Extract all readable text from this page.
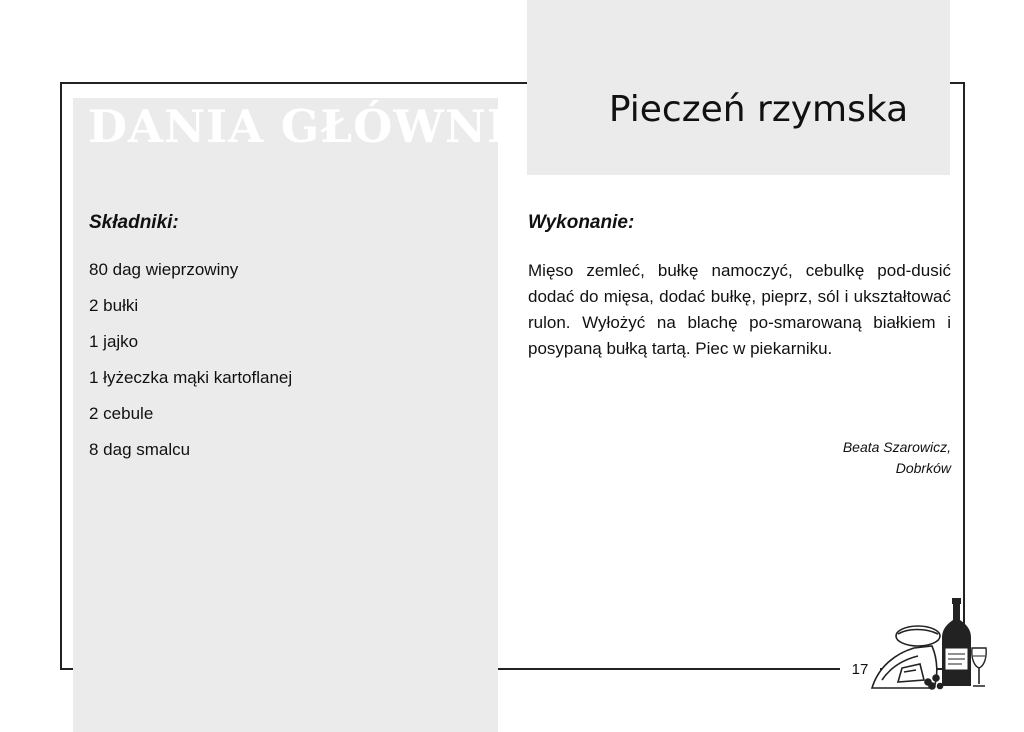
DANIA GŁÓWNE	Pieczeń rzymska
Składniki:
80 dag wieprzowiny
2 bułki
1 jajko
1 łyżeczka mąki kartoflanej
2 cebule
8 dag smalcu
Wykonanie:

Mięso zemleć, bułkę namoczyć, cebulkę pod-dusić dodać do mięsa, dodać bułkę, pieprz, sól i ukształtować rulon. Wyłożyć na blachę po-smarowaną białkiem i posypaną bułką tartą. Piec w piekarniku.

Beata Szarowicz,
Dobrków
17
